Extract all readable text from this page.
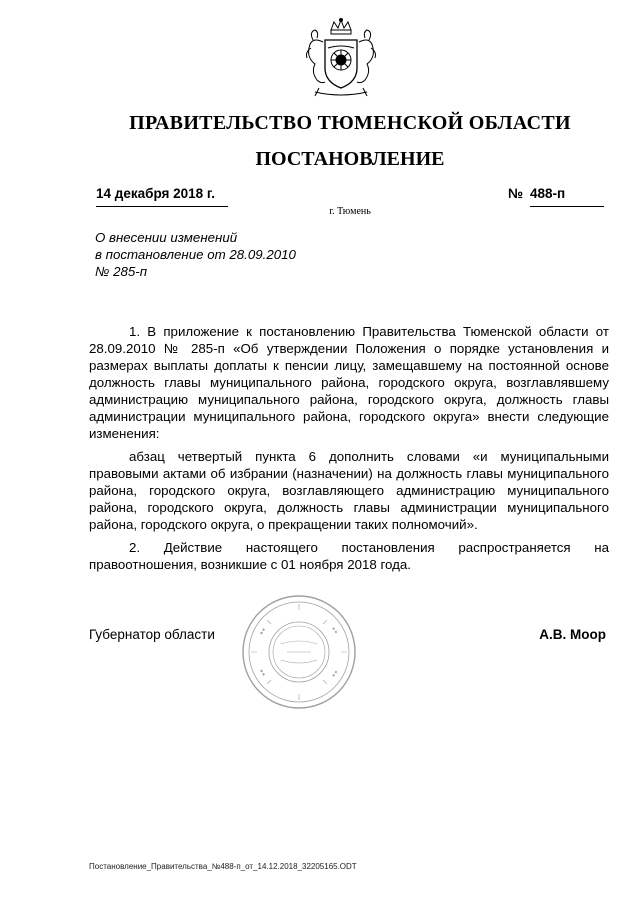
ПРАВИТЕЛЬСТВО ТЮМЕНСКОЙ ОБЛАСТИ
ПОСТАНОВЛЕНИЕ
14 декабря 2018 г.	№ 488-п
г. Тюмень
О внесении изменений
в постановление от 28.09.2010
№ 285-п

1. В приложение к постановлению Правительства Тюменской области от 28.09.2010 № 285-п «Об утверждении Положения о порядке установления и размерах выплаты доплаты к пенсии лицу, замещавшему на постоянной основе должность главы муниципального района, городского округа, возглавлявшему администрацию муниципального района, городского округа, должность главы администрации муниципального района, городского округа» внести следующие изменения:

абзац четвертый пункта 6 дополнить словами «и муниципальными правовыми актами об избрании (назначении) на должность главы муниципального района, городского округа, возглавляющего администрацию муниципального района, городского округа, должность главы администрации муниципального района, городского округа, о прекращении таких полномочий».

2. Действие настоящего постановления распространяется на правоотношения, возникшие с 01 ноября 2018 года.

Губернатор области	А.В. Моор
Постановление_Правительства_№488-п_от_14.12.2018_32205165.ODT
